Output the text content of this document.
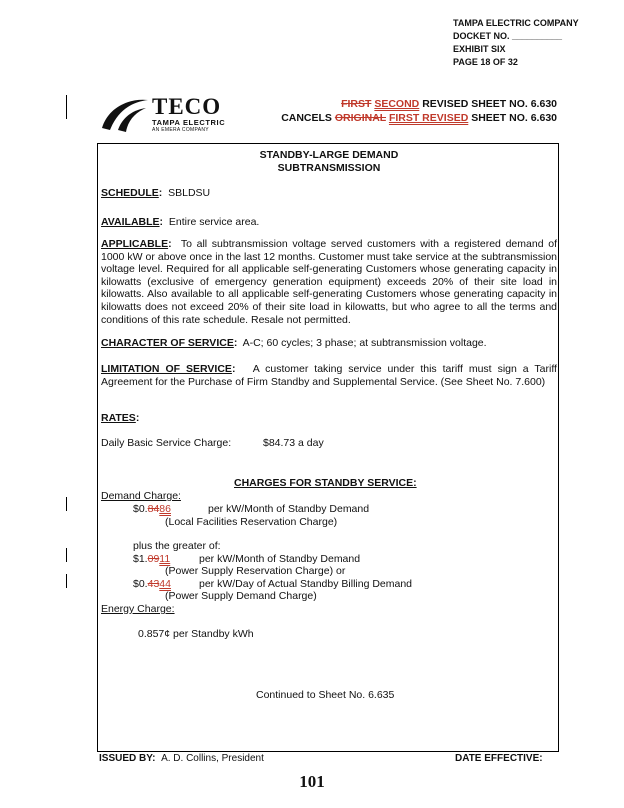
TAMPA ELECTRIC COMPANY
DOCKET NO. __________
EXHIBIT SIX
PAGE 18 OF 32
TECO
TAMPA ELECTRIC
AN EMERA COMPANY
FIRST SECOND REVISED SHEET NO. 6.630
CANCELS ORIGINAL FIRST REVISED SHEET NO. 6.630
STANDBY-LARGE DEMAND
SUBTRANSMISSION
SCHEDULE: SBLDSU
AVAILABLE: Entire service area.
APPLICABLE: To all subtransmission voltage served customers with a registered demand of 1000 kW or above once in the last 12 months. Customer must take service at the subtransmission voltage level. Required for all applicable self-generating Customers whose generating capacity in kilowatts (exclusive of emergency generation equipment) exceeds 20% of their site load in kilowatts. Also available to all applicable self-generating Customers whose generating capacity in kilowatts does not exceed 20% of their site load in kilowatts, but who agree to all the terms and conditions of this rate schedule. Resale not permitted.
CHARACTER OF SERVICE: A-C; 60 cycles; 3 phase; at subtransmission voltage.
LIMITATION OF SERVICE: A customer taking service under this tariff must sign a Tariff Agreement for the Purchase of Firm Standby and Supplemental Service. (See Sheet No. 7.600)
RATES:
Daily Basic Service Charge:	$84.73 a day
CHARGES FOR STANDBY SERVICE:
Demand Charge:
$0.8486	per kW/Month of Standby Demand
(Local Facilities Reservation Charge)
plus the greater of:
$1.0911	per kW/Month of Standby Demand
(Power Supply Reservation Charge) or
$0.4344	per kW/Day of Actual Standby Billing Demand
(Power Supply Demand Charge)
Energy Charge:
0.857¢ per Standby kWh
Continued to Sheet No. 6.635
ISSUED BY: A. D. Collins, President	DATE EFFECTIVE:
101
